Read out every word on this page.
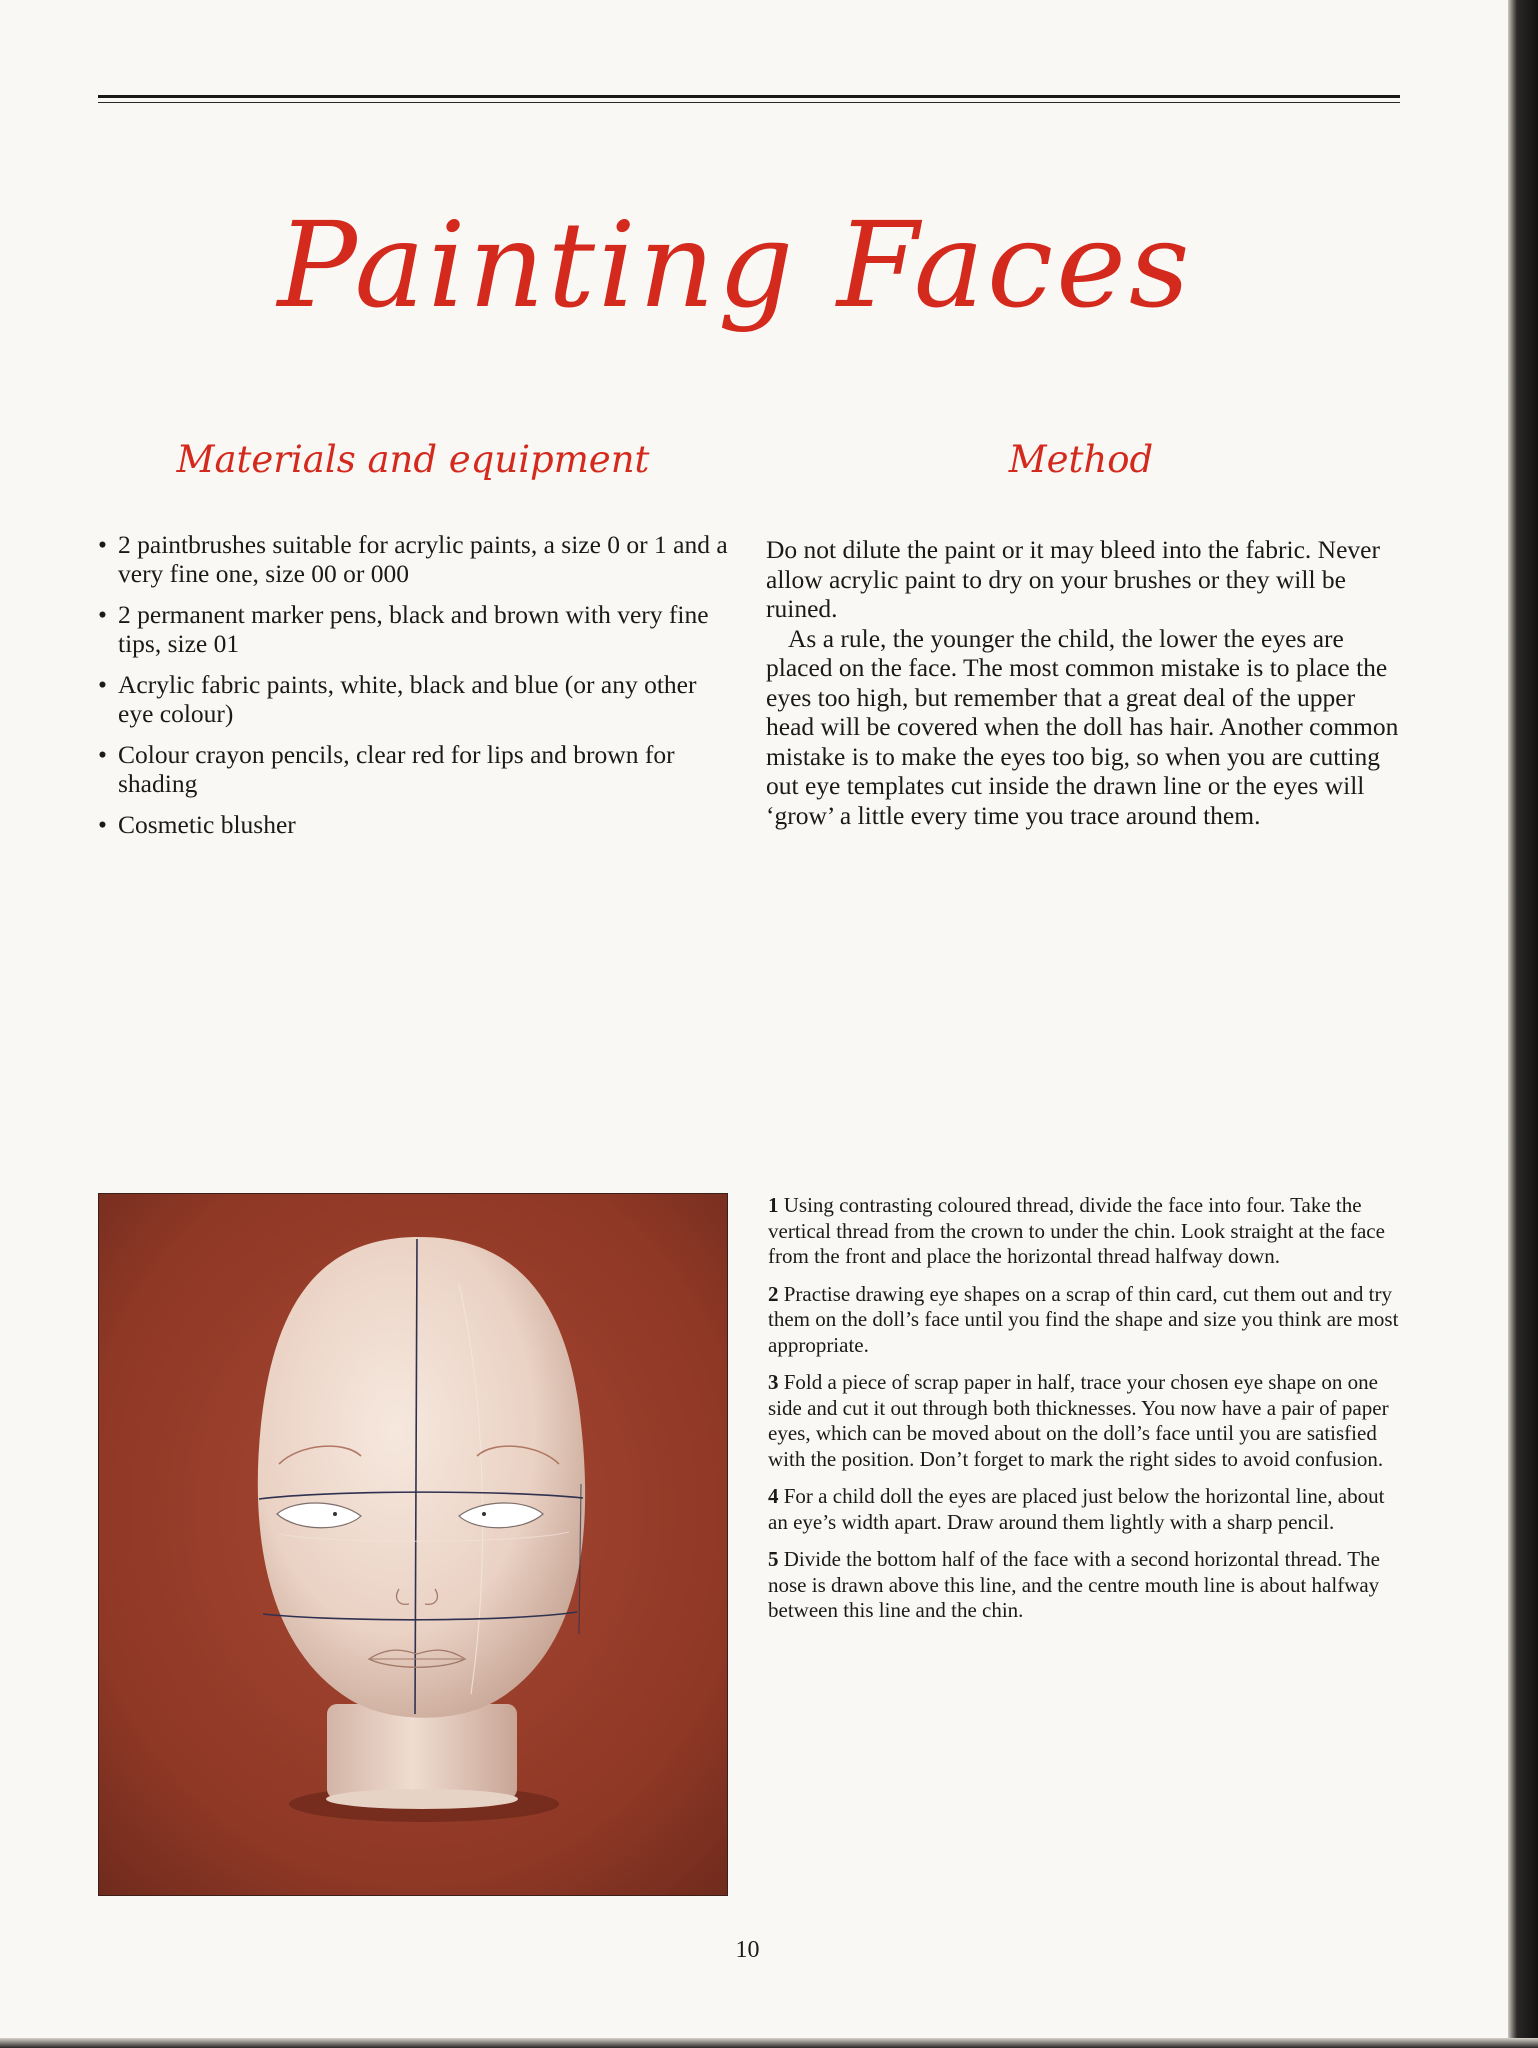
Painting Faces
Materials and equipment	Method
• 2 paintbrushes suitable for acrylic paints, a size 0 or 1 and a very fine one, size 00 or 000
• 2 permanent marker pens, black and brown with very fine tips, size 01
• Acrylic fabric paints, white, black and blue (or any other eye colour)
• Colour crayon pencils, clear red for lips and brown for shading
• Cosmetic blusher

Do not dilute the paint or it may bleed into the fabric. Never allow acrylic paint to dry on your brushes or they will be ruined.

As a rule, the younger the child, the lower the eyes are placed on the face. The most common mistake is to place the eyes too high, but remember that a great deal of the upper head will be covered when the doll has hair. Another common mistake is to make the eyes too big, so when you are cutting out eye templates cut inside the drawn line or the eyes will ‘grow’ a little every time you trace around them.

1 Using contrasting coloured thread, divide the face into four. Take the vertical thread from the crown to under the chin. Look straight at the face from the front and place the horizontal thread halfway down.

2 Practise drawing eye shapes on a scrap of thin card, cut them out and try them on the doll’s face until you find the shape and size you think are most appropriate.

3 Fold a piece of scrap paper in half, trace your chosen eye shape on one side and cut it out through both thicknesses. You now have a pair of paper eyes, which can be moved about on the doll’s face until you are satisfied with the position. Don’t forget to mark the right sides to avoid confusion.

4 For a child doll the eyes are placed just below the horizontal line, about an eye’s width apart. Draw around them lightly with a sharp pencil.

5 Divide the bottom half of the face with a second horizontal thread. The nose is drawn above this line, and the centre mouth line is about halfway between this line and the chin.

10
